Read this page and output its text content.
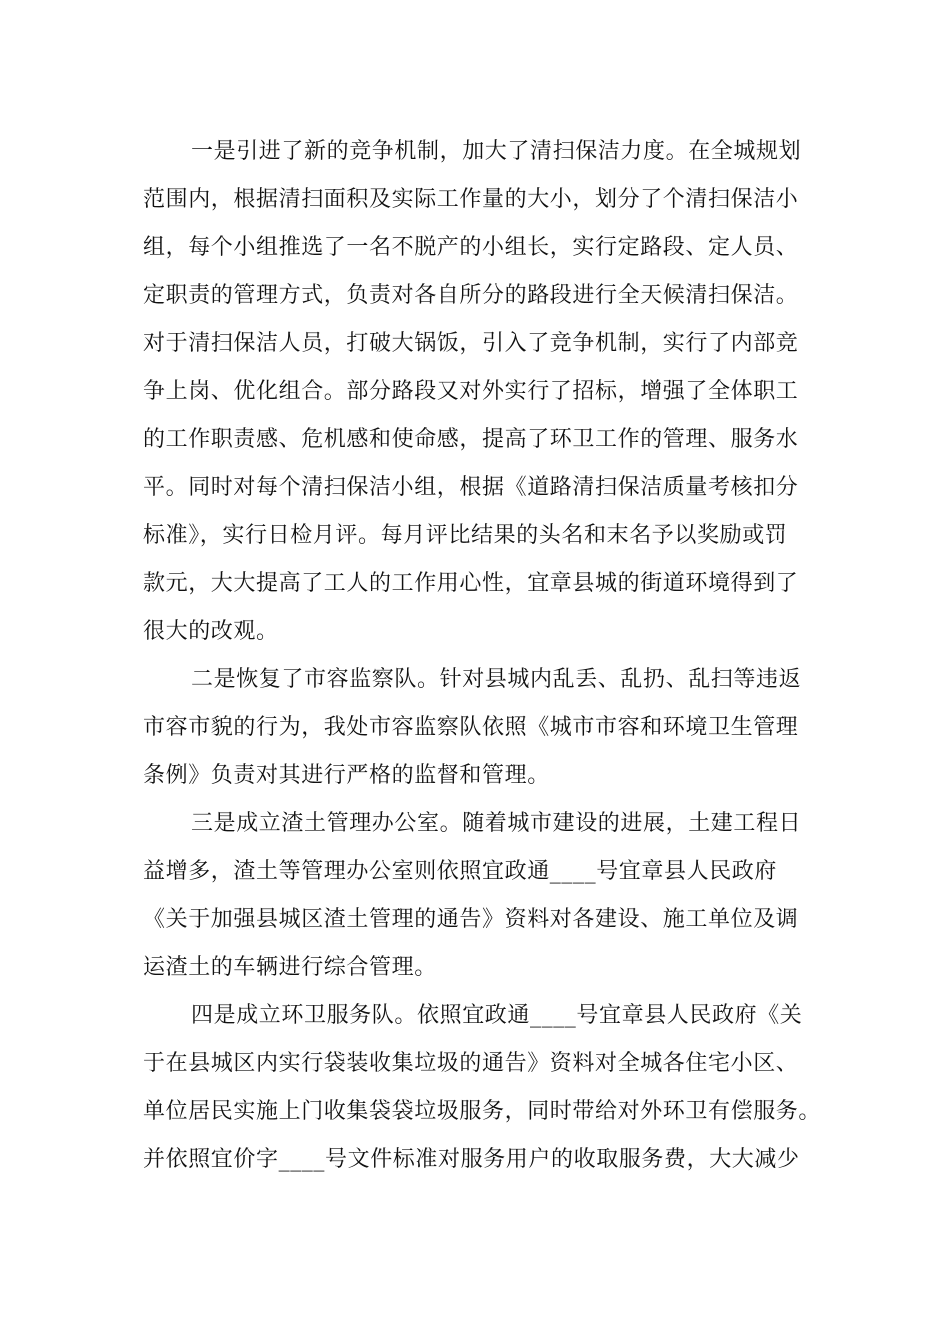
一是引进了新的竞争机制，加大了清扫保洁力度。在全城规划
范围内，根据清扫面积及实际工作量的大小，划分了个清扫保洁小
组，每个小组推选了一名不脱产的小组长，实行定路段、定人员、
定职责的管理方式，负责对各自所分的路段进行全天候清扫保洁。
对于清扫保洁人员，打破大锅饭，引入了竞争机制，实行了内部竞
争上岗、优化组合。部分路段又对外实行了招标，增强了全体职工
的工作职责感、危机感和使命感，提高了环卫工作的管理、服务水
平。同时对每个清扫保洁小组，根据《道路清扫保洁质量考核扣分
标准》，实行日检月评。每月评比结果的头名和末名予以奖励或罚
款元，大大提高了工人的工作用心性，宜章县城的街道环境得到了
很大的改观。
二是恢复了市容监察队。针对县城内乱丢、乱扔、乱扫等违返
市容市貌的行为，我处市容监察队依照《城市市容和环境卫生管理
条例》负责对其进行严格的监督和管理。
三是成立渣土管理办公室。随着城市建设的进展，土建工程日
益增多，渣土等管理办公室则依照宜政通____号宜章县人民政府
《关于加强县城区渣土管理的通告》资料对各建设、施工单位及调
运渣土的车辆进行综合管理。
四是成立环卫服务队。依照宜政通____号宜章县人民政府《关
于在县城区内实行袋装收集垃圾的通告》资料对全城各住宅小区、
单位居民实施上门收集袋袋垃圾服务，同时带给对外环卫有偿服务。
并依照宜价字____号文件标准对服务用户的收取服务费，大大减少
